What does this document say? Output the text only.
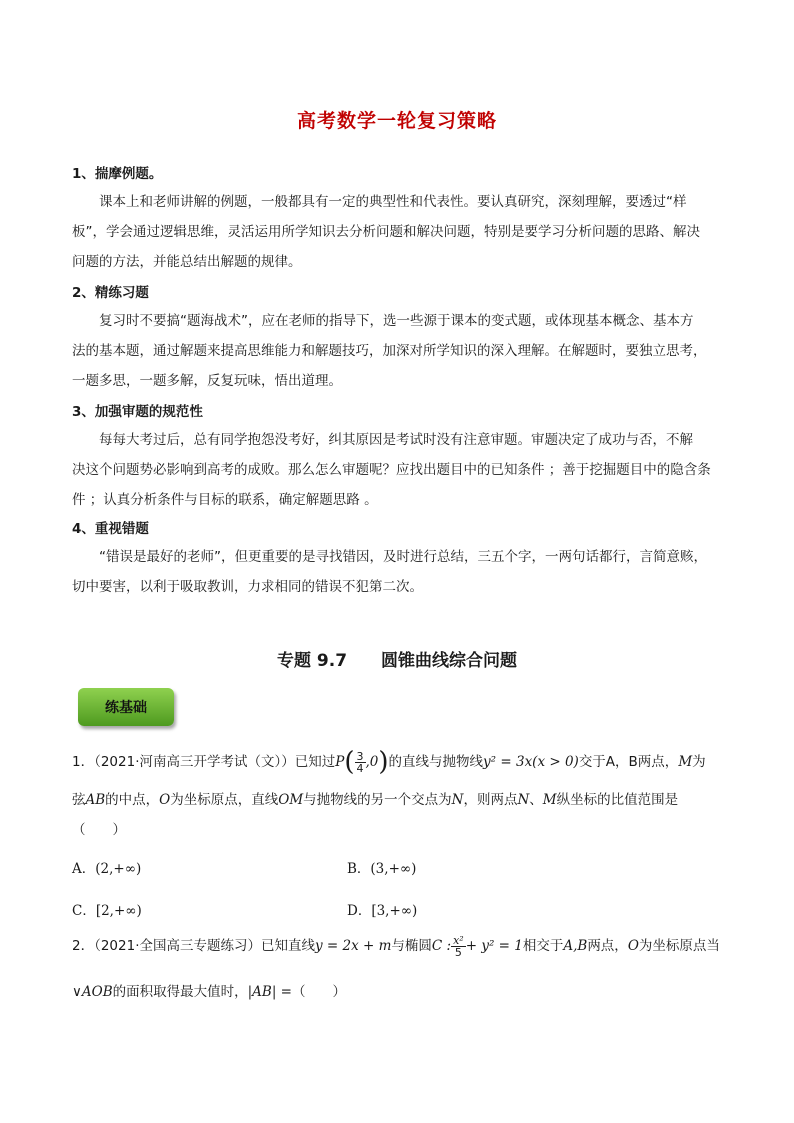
高考数学一轮复习策略
1、揣摩例题。
课本上和老师讲解的例题，一般都具有一定的典型性和代表性。要认真研究，深刻理解，要透过“样
板”，学会通过逻辑思维，灵活运用所学知识去分析问题和解决问题，特别是要学习分析问题的思路、解决
问题的方法，并能总结出解题的规律。
2、精练习题
复习时不要搞“题海战术”，应在老师的指导下，选一些源于课本的变式题，或体现基本概念、基本方
法的基本题，通过解题来提高思维能力和解题技巧，加深对所学知识的深入理解。在解题时，要独立思考，
一题多思，一题多解，反复玩味，悟出道理。
3、加强审题的规范性
每每大考过后，总有同学抱怨没考好，纠其原因是考试时没有注意审题。审题决定了成功与否，不解
决这个问题势必影响到高考的成败。那么怎么审题呢？应找出题目中的已知条件 ；善于挖掘题目中的隐含条
件 ；认真分析条件与目标的联系，确定解题思路 。
4、重视错题
“错误是最好的老师”，但更重要的是寻找错因，及时进行总结，三五个字，一两句话都行，言简意赅，
切中要害，以利于吸取教训，力求相同的错误不犯第二次。
专题 9.7 圆锥曲线综合问题
练基础
1．（2021·河南高三开学考试（文））已知过$P( \frac{3}{4} ,0)$的直线与抛物线y² = 3x(x > 0)交于A，B两点，M为
弦AB的中点，O为坐标原点，直线OM与抛物线的另一个交点为N，则两点N、M纵坐标的比值范围是
（　　）
A．(2,+∞)	B．(3,+∞)
C．[2,+∞)	D．[3,+∞)
2．（2021·全国高三专题练习）已知直线y = 2x + m与椭圆C : $\frac{\text{x²}}{5} + y^2 = 1$相交于A,B两点，O为坐标原点当
∨AOB的面积取得最大值时，|AB| =（　　）
